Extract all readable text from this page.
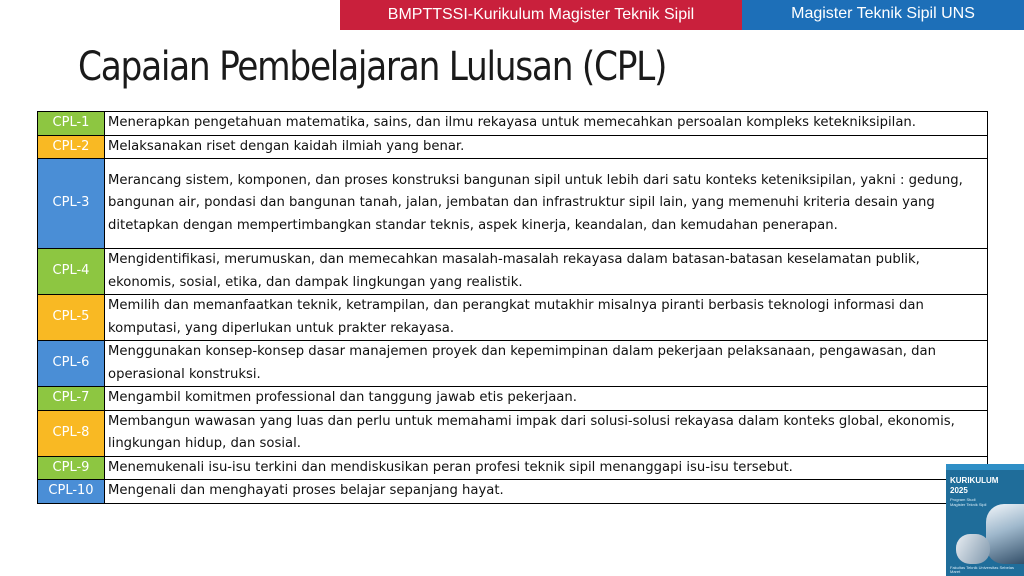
BMPTTSSI-Kurikulum Magister Teknik Sipil	Magister Teknik Sipil UNS
Capaian Pembelajaran Lulusan (CPL)
CPL-1	Menerapkan pengetahuan matematika, sains, dan ilmu rekayasa untuk memecahkan persoalan kompleks ketekniksipilan.
CPL-2	Melaksanakan riset dengan kaidah ilmiah yang benar.
CPL-3	Merancang sistem, komponen, dan proses konstruksi bangunan sipil untuk lebih dari satu konteks keteniksipilan, yakni : gedung, bangunan air, pondasi dan bangunan tanah, jalan, jembatan dan infrastruktur sipil lain, yang memenuhi kriteria desain yang ditetapkan dengan mempertimbangkan standar teknis, aspek kinerja, keandalan, dan kemudahan penerapan.
CPL-4	Mengidentifikasi, merumuskan, dan memecahkan masalah-masalah rekayasa dalam batasan-batasan keselamatan publik, ekonomis, sosial, etika, dan dampak lingkungan yang realistik.
CPL-5	Memilih dan memanfaatkan teknik, ketrampilan, dan perangkat mutakhir misalnya piranti berbasis teknologi informasi dan komputasi, yang diperlukan untuk prakter rekayasa.
CPL-6	Menggunakan konsep-konsep dasar manajemen proyek dan kepemimpinan dalam pekerjaan pelaksanaan, pengawasan, dan operasional konstruksi.
CPL-7	Mengambil komitmen professional dan tanggung jawab etis pekerjaan.
CPL-8	Membangun wawasan yang luas dan perlu untuk memahami impak dari solusi-solusi rekayasa dalam konteks global, ekonomis, lingkungan hidup, dan sosial.
CPL-9	Menemukenali isu-isu terkini dan mendiskusikan peran profesi teknik sipil menanggapi isu-isu tersebut.
CPL-10	Mengenali dan menghayati proses belajar sepanjang hayat.
KURIKULUM
2025
Program Studi Magister Teknik Sipil
Fakultas Teknik Universitas Sebelas Maret
